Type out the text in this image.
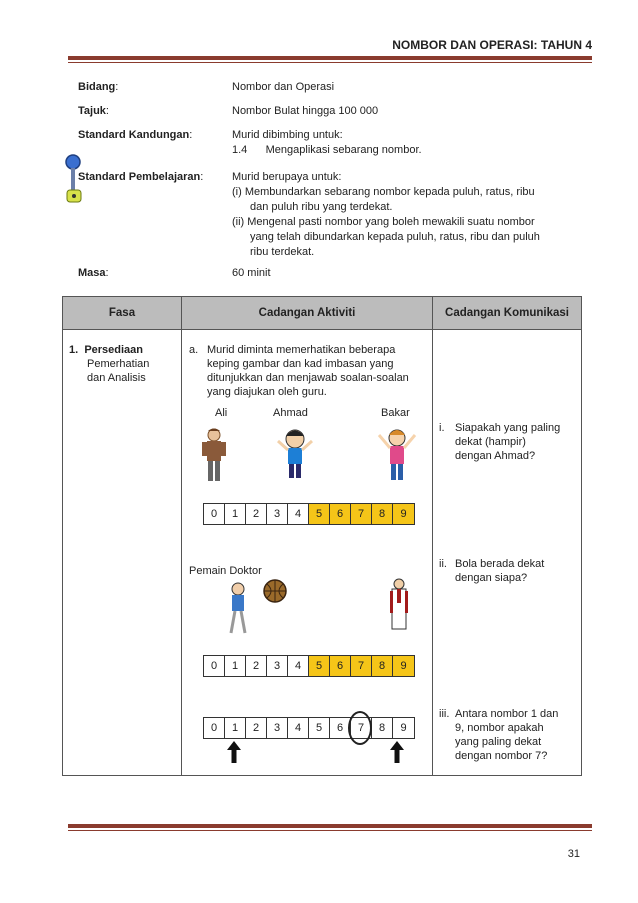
NOMBOR DAN OPERASI: TAHUN 4
Bidang:	Nombor dan Operasi
Tajuk:	Nombor Bulat hingga 100 000
Standard Kandungan:	Murid dibimbing untuk:
1.4      Mengaplikasi sebarang nombor.
Standard Pembelajaran:	Murid berupaya untuk:
(i) Membundarkan sebarang nombor kepada puluh, ratus, ribu
dan puluh ribu yang terdekat.
(ii) Mengenal pasti nombor yang boleh mewakili suatu nombor
yang telah dibundarkan kepada puluh, ratus, ribu dan puluh
ribu terdekat.
Masa:	60 minit
Fasa	Cadangan Aktiviti	Cadangan Komunikasi
1. Persediaan
Pemerhatian
dan Analisis
a. Murid diminta memerhatikan beberapa
keping gambar dan kad imbasan yang
ditunjukkan dan menjawab soalan-soalan
yang diajukan oleh guru.
Ali	Ahmad	Bakar
0	1	2	3	4	5	6	7	8	9
Pemain Doktor
0	1	2	3	4	5	6	7	8	9
0	1	2	3	4	5	6	7	8	9
i. Siapakah yang paling
dekat (hampir)
dengan Ahmad?
ii. Bola berada dekat
dengan siapa?
iii. Antara nombor 1 dan
9, nombor apakah
yang paling dekat
dengan nombor 7?
31
